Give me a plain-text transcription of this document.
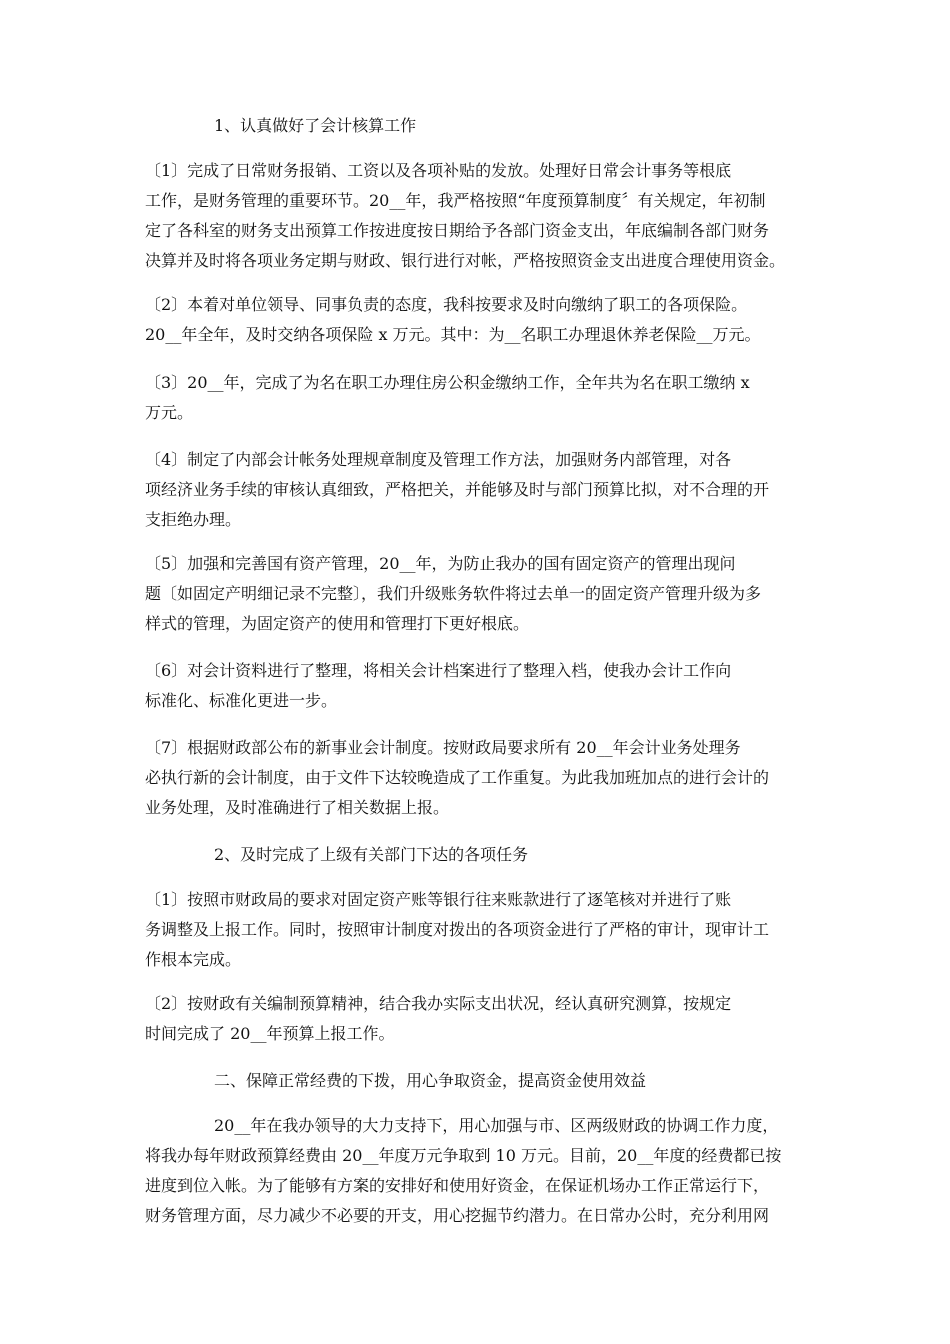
1、认真做好了会计核算工作
〔1〕完成了日常财务报销、工资以及各项补贴的发放。处理好日常会计事务等根底
工作，是财务管理的重要环节。20__年，我严格按照“年度预算制度〞有关规定，年初制
定了各科室的财务支出预算工作按进度按日期给予各部门资金支出，年底编制各部门财务
决算并及时将各项业务定期与财政、银行进行对帐，严格按照资金支出进度合理使用资金。
〔2〕本着对单位领导、同事负责的态度，我科按要求及时向缴纳了职工的各项保险。
20__年全年，及时交纳各项保险 x 万元。其中：为__名职工办理退休养老保险__万元。
〔3〕20__年，完成了为名在职工办理住房公积金缴纳工作，全年共为名在职工缴纳 x
万元。
〔4〕制定了内部会计帐务处理规章制度及管理工作方法，加强财务内部管理，对各
项经济业务手续的审核认真细致，严格把关，并能够及时与部门预算比拟，对不合理的开
支拒绝办理。
〔5〕加强和完善国有资产管理，20__年，为防止我办的国有固定资产的管理出现问
题〔如固定产明细记录不完整〕，我们升级账务软件将过去单一的固定资产管理升级为多
样式的管理，为固定资产的使用和管理打下更好根底。
〔6〕对会计资料进行了整理，将相关会计档案进行了整理入档，使我办会计工作向
标准化、标准化更进一步。
〔7〕根据财政部公布的新事业会计制度。按财政局要求所有 20__年会计业务处理务
必执行新的会计制度，由于文件下达较晚造成了工作重复。为此我加班加点的进行会计的
业务处理，及时准确进行了相关数据上报。
2、及时完成了上级有关部门下达的各项任务
〔1〕按照市财政局的要求对固定资产账等银行往来账款进行了逐笔核对并进行了账
务调整及上报工作。同时，按照审计制度对拨出的各项资金进行了严格的审计，现审计工
作根本完成。
〔2〕按财政有关编制预算精神，结合我办实际支出状况，经认真研究测算，按规定
时间完成了 20__年预算上报工作。
二、保障正常经费的下拨，用心争取资金，提高资金使用效益
20__年在我办领导的大力支持下，用心加强与市、区两级财政的协调工作力度，
将我办每年财政预算经费由 20__年度万元争取到 10 万元。目前，20__年度的经费都已按
进度到位入帐。为了能够有方案的安排好和使用好资金，在保证机场办工作正常运行下，
财务管理方面，尽力减少不必要的开支，用心挖掘节约潜力。在日常办公时，充分利用网
